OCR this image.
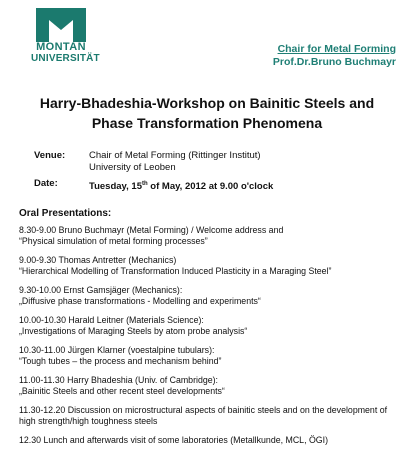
MONTAN
UNIVERSITÄT
Chair for Metal Forming
Prof.Dr.Bruno Buchmayr
Harry-Bhadeshia-Workshop on Bainitic Steels and
Phase Transformation Phenomena
Venue:	Chair of Metal Forming (Rittinger Institut)
University of Leoben
Date:	Tuesday, 15th of May, 2012 at 9.00 o'clock
Oral Presentations:
8.30-9.00 Bruno Buchmayr (Metal Forming) / Welcome address and
“Physical simulation of metal forming processes”
9.00-9.30 Thomas Antretter (Mechanics)
“Hierarchical Modelling of Transformation Induced Plasticity in a Maraging Steel”
9.30-10.00 Ernst Gamsjäger (Mechanics):
„Diffusive phase transformations - Modelling and experiments“
10.00-10.30 Harald Leitner (Materials Science):
„Investigations of Maraging Steels by atom probe analysis“
10.30-11.00 Jürgen Klarner (voestalpine tubulars):
“Tough tubes – the process and mechanism behind”
11.00-11.30 Harry Bhadeshia (Univ. of Cambridge):
„Bainitic Steels and other recent steel developments“
11.30-12.20 Discussion on microstructural aspects of bainitic steels and on the development of
high strength/high toughness steels
12.30 Lunch and afterwards visit of some laboratories (Metallkunde, MCL, ÖGI)
